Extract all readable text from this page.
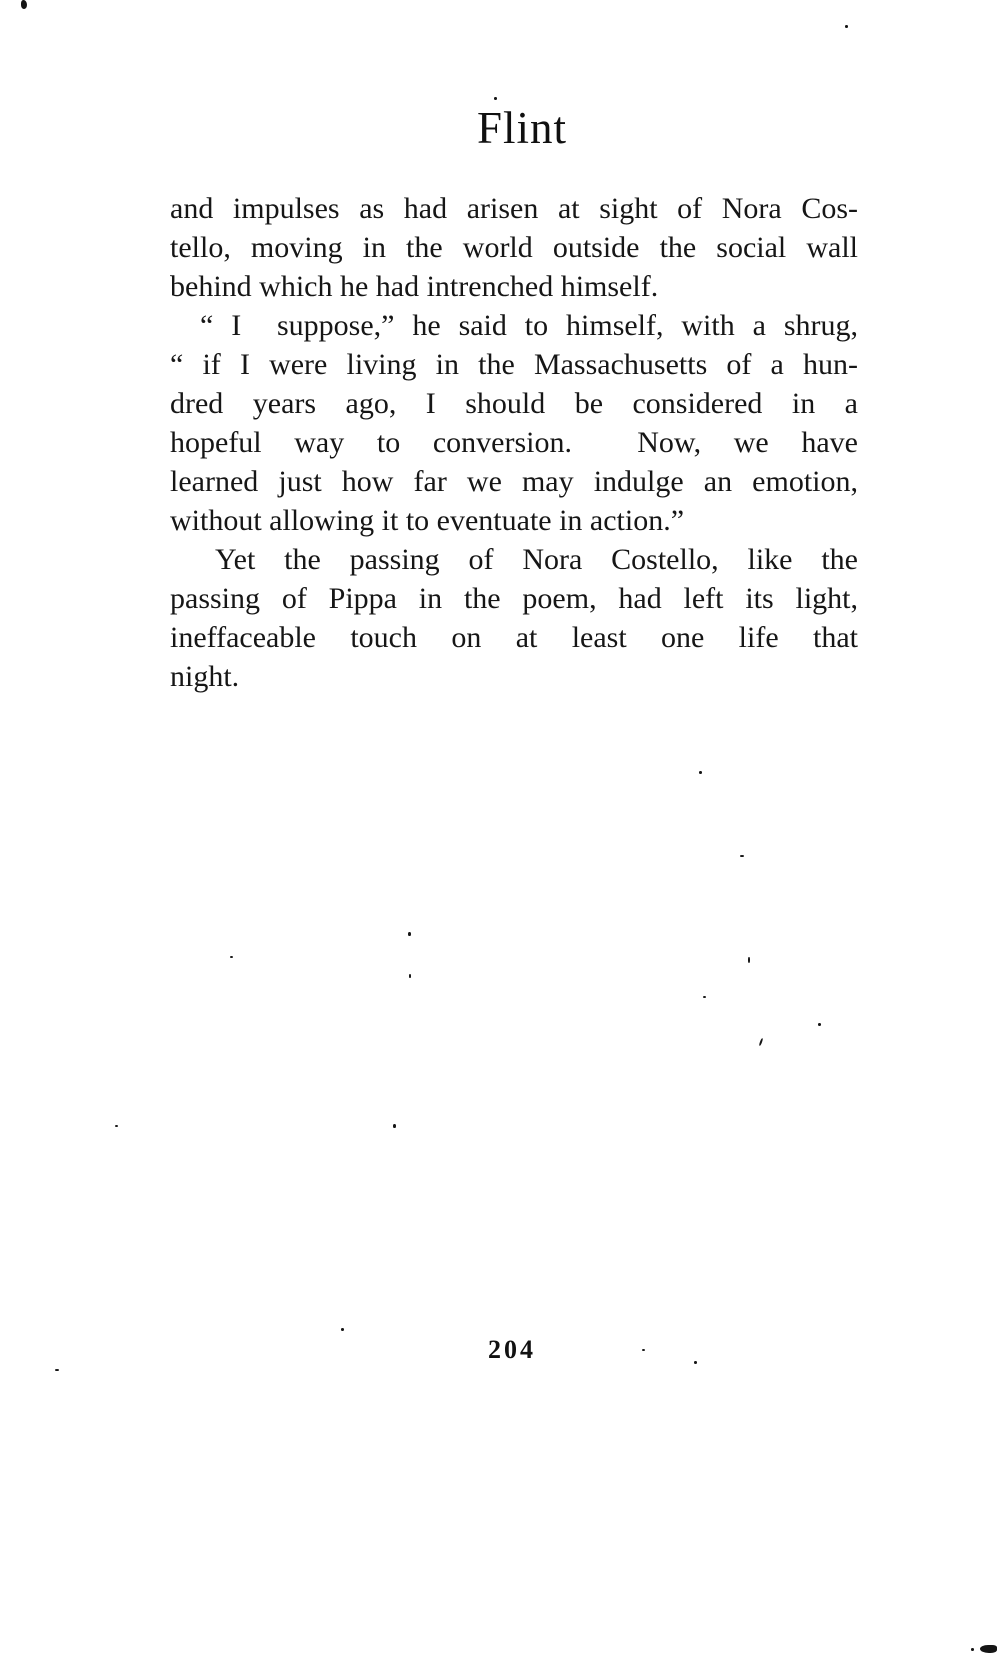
Flint
and impulses as had arisen at sight of Nora Cos-
tello, moving in the world outside the social wall
behind which he had intrenched himself.
“ I  suppose,” he said to himself, with a shrug,
“ if I were living in the Massachusetts of a hun-
dred years ago, I should be considered in a
hopeful way to conversion.  Now, we have
learned just how far we may indulge an emotion,
without allowing it to eventuate in action.”
Yet the passing of Nora Costello, like the
passing of Pippa in the poem, had left its light,
ineffaceable touch on at least one life that
night.
204
